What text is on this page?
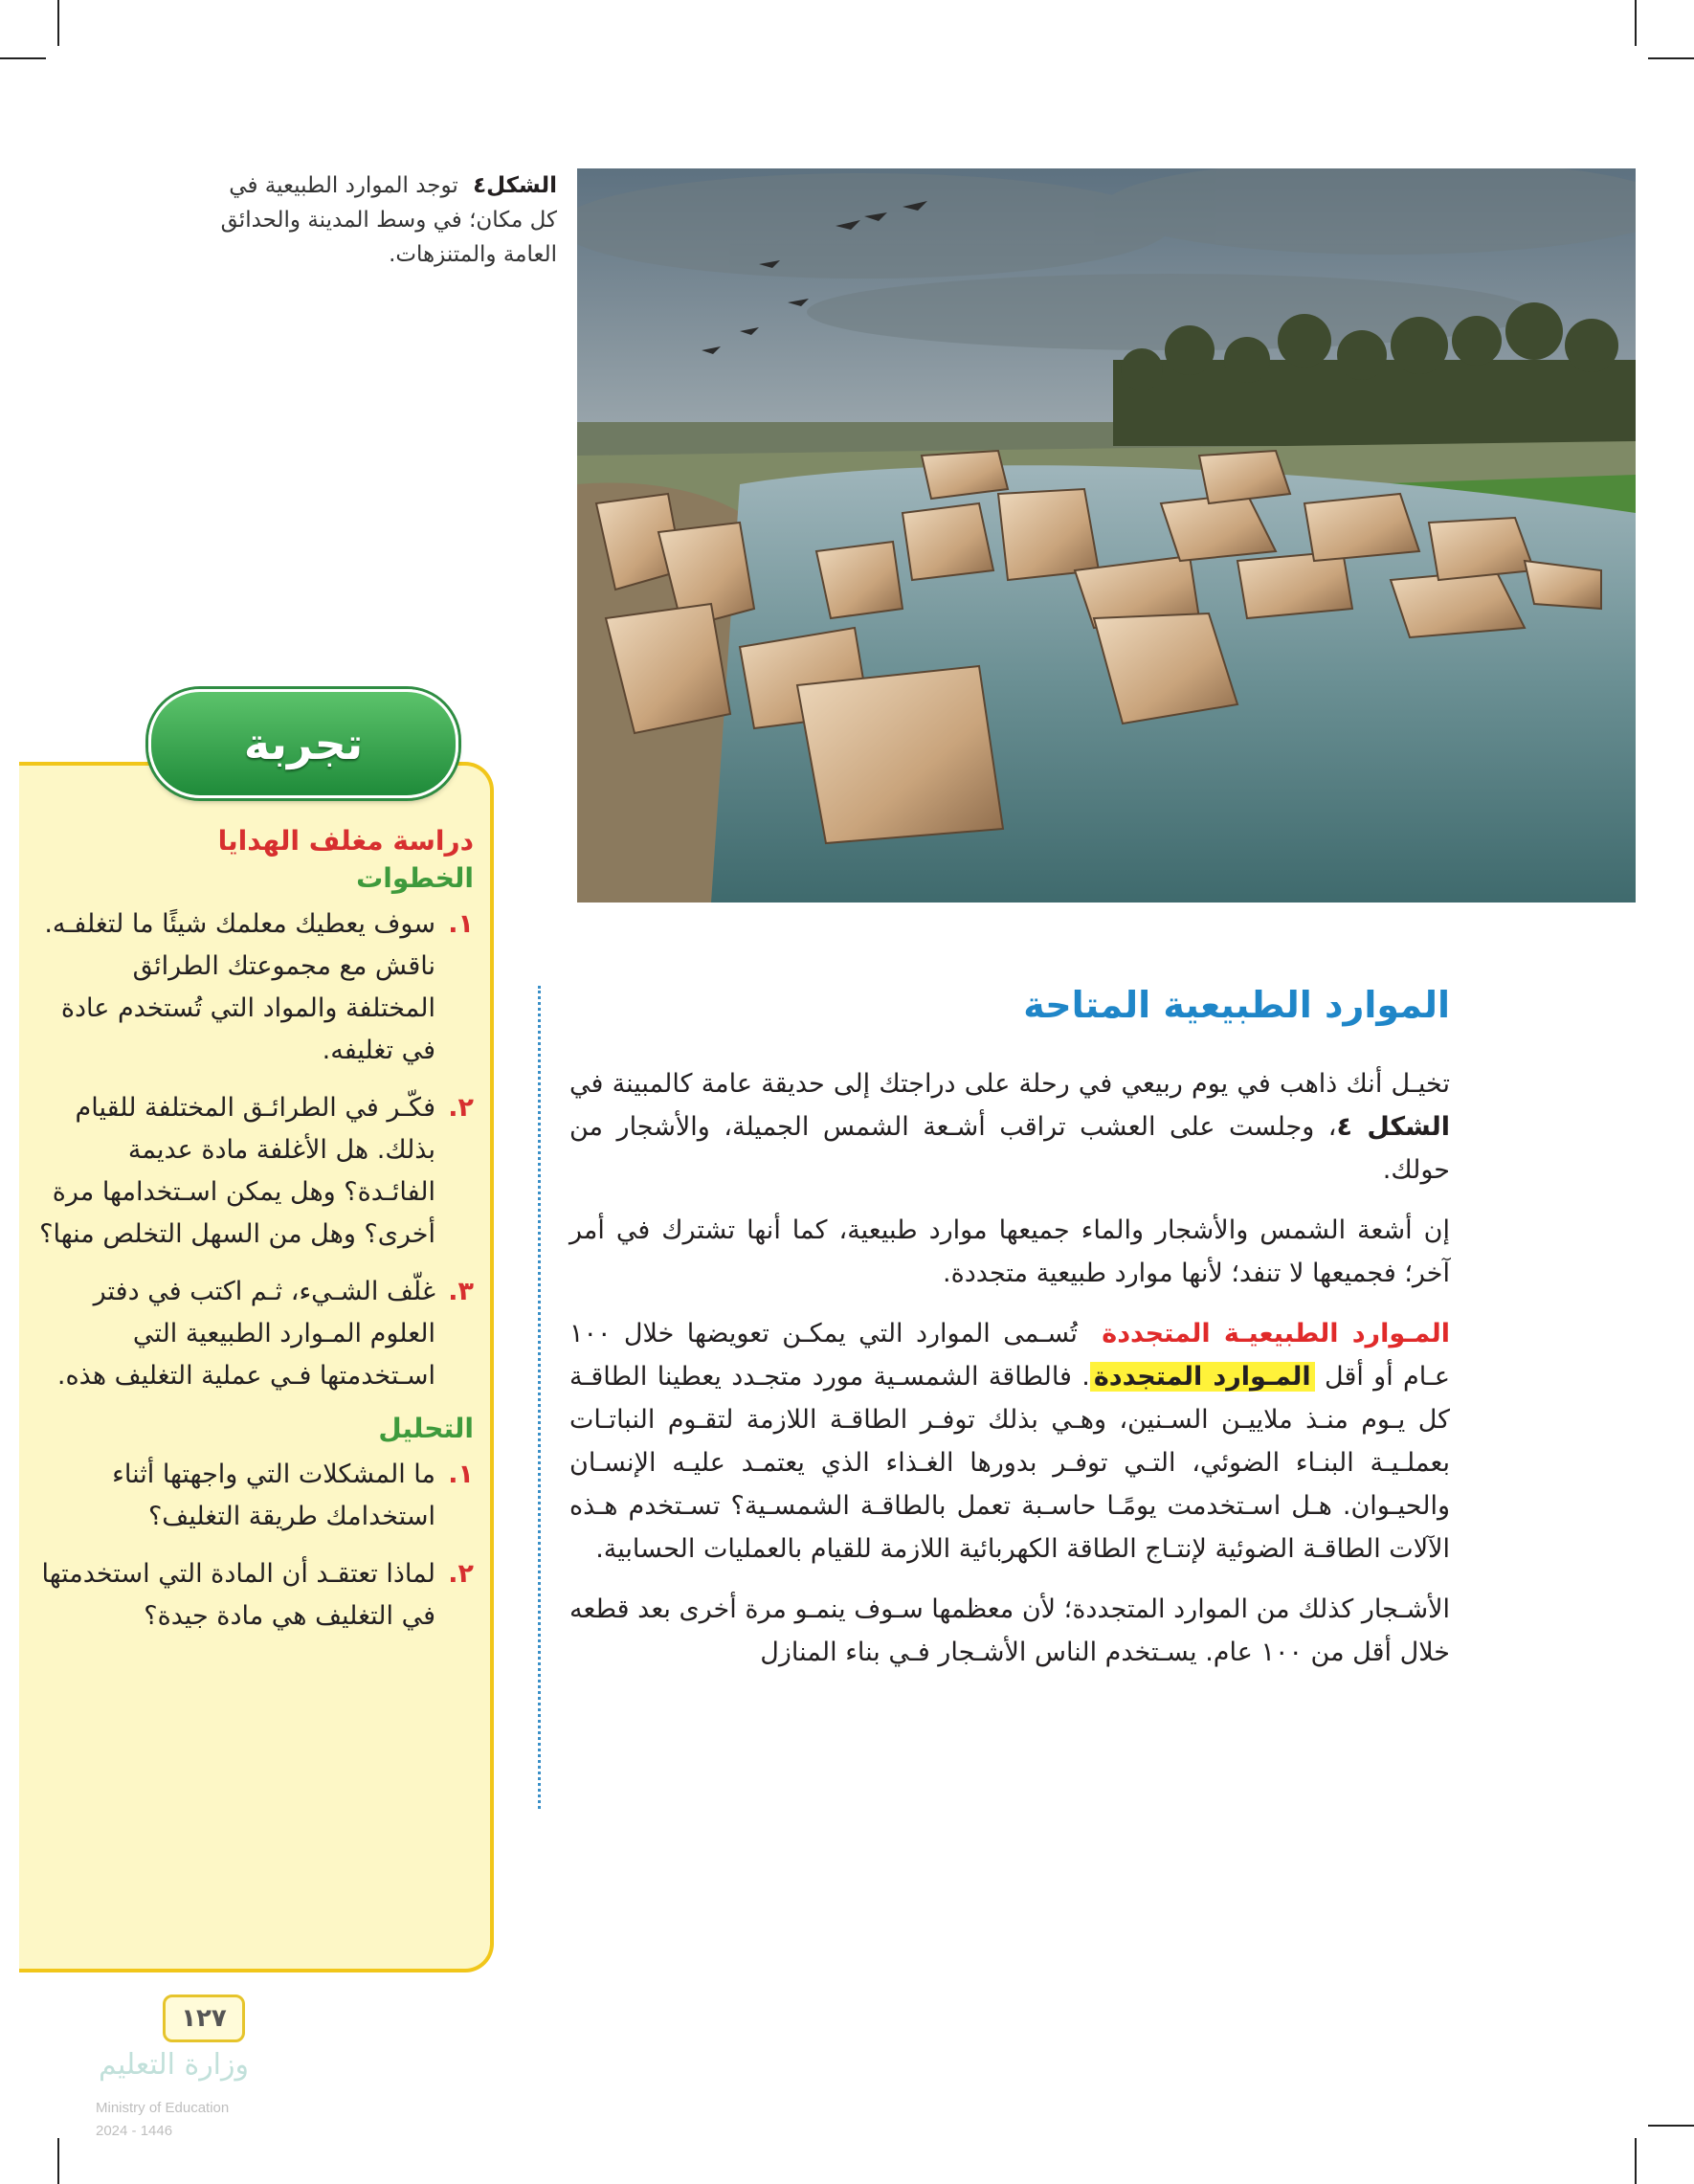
الشكل٤ توجد الموارد الطبيعية في كل مكان؛ في وسط المدينة والحدائق العامة والمتنزهات.
الموارد الطبيعية المتاحة

تخيـل أنك ذاهب في يوم ربيعي في رحلة على دراجتك إلى حديقة عامة كالمبينة في الشكل ٤، وجلست على العشب تراقب أشـعة الشمس الجميلة، والأشجار من حولك.

إن أشعة الشمس والأشجار والماء جميعها موارد طبيعية، كما أنها تشترك في أمر آخر؛ فجميعها لا تنفد؛ لأنها موارد طبيعية متجددة.

المـوارد الطبيعيـة المتجددة تُسـمى الموارد التي يمكـن تعويضها خلال ١٠٠ عـام أو أقل المـوارد المتجددة. فالطاقة الشمسـية مورد متجـدد يعطينا الطاقـة كل يـوم منـذ ملاييـن السـنين، وهـي بذلك توفـر الطاقـة اللازمة لتقـوم النباتـات بعملـيـة البنـاء الضوئي، التـي توفـر بدورها الغـذاء الذي يعتمـد عليـه الإنسـان والحيـوان. هـل اسـتخدمت يومًـا حاسـبة تعمل بالطاقـة الشمسـية؟ تسـتخدم هـذه الآلات الطاقـة الضوئية لإنتـاج الطاقة الكهربائية اللازمة للقيام بالعمليات الحسابية.

الأشـجار كذلك من الموارد المتجددة؛ لأن معظمها سـوف ينمـو مرة أخرى بعد قطعه خلال أقل من ١٠٠ عام. يسـتخدم الناس الأشـجار فـي بناء المنازل

تجربة
دراسة مغلف الهدايا
الخطوات
١.
سوف يعطيك معلمك شيئًا ما لتغلفـه. ناقش مع مجموعتك الطرائق المختلفة والمواد التي تُستخدم عادة في تغليفه.
٢.
فكّـر في الطرائـق المختلفة للقيام بذلك. هل الأغلفة مادة عديمة الفائـدة؟ وهل يمكن اسـتخدامها مرة أخرى؟ وهل من السهل التخلص منها؟
٣.
غلّف الشـيء، ثـم اكتب في دفتر العلوم المـوارد الطبيعية التي اسـتخدمتها فـي عملية التغليف هذه.
التحليل
١.
ما المشكلات التي واجهتها أثناء استخدامك طريقة التغليف؟
٢.
لماذا تعتقـد أن المادة التي استخدمتها في التغليف هي مادة جيدة؟
وزارة التعليم
Ministry of Education
2024 - 1446
١٢٧
